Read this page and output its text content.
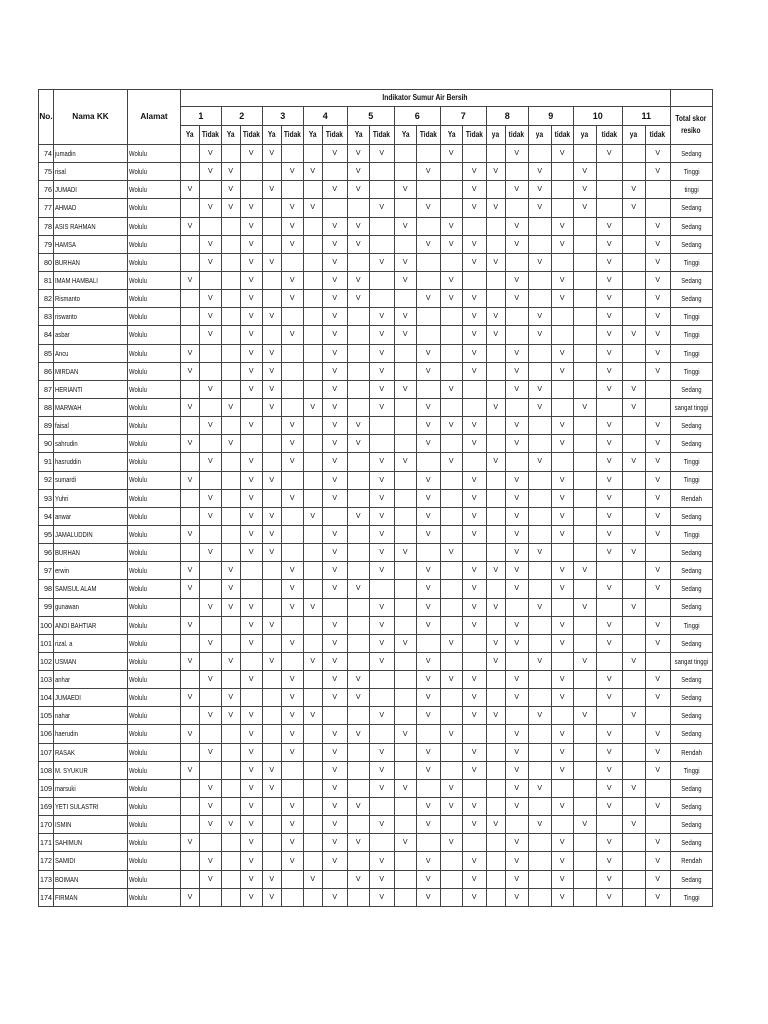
No.	Nama KK	Alamat	Indikator Sumur Air Bersih																						
			1		2		3		4		5		6		7		8		9		10		11		Total skor
resiko
			Ya	Tidak	Ya	Tidak	Ya	Tidak	Ya	Tidak	Ya	Tidak	Ya	Tidak	Ya	Tidak	ya	tidak	ya	tidak	ya	tidak	ya	tidak	
74	jumadin	Wolulu		V		V	V			V	V	V			V			V		V		V		V	Sedang
75	risal	Wolulu		V	V			V	V		V			V		V	V		V		V			V	Tinggi
76	JUMADI	Wolulu	V		V		V			V	V		V			V		V	V		V		V		tinggi
77	AHMAD	Wolulu		V	V	V		V	V			V		V		V	V		V		V		V		Sedang
78	ASIS RAHMAN	Wolulu	V			V		V		V	V		V		V			V		V		V		V	Sedang
79	HAMSA	Wolulu		V		V		V		V	V			V	V	V		V		V		V		V	Sedang
80	BURHAN	Wolulu		V		V	V			V		V	V			V	V		V			V		V	Tinggi
81	IMAM HAMBALI	Wolulu	V			V		V		V	V		V		V			V		V		V		V	Sedang
82	Rismanto	Wolulu		V		V		V		V	V			V	V	V		V		V		V		V	Sedang
83	riswanto	Wolulu		V		V	V			V		V	V			V	V		V			V		V	Tinggi
84	asbar	Wolulu		V		V		V		V		V	V			V	V		V			V	V	V	Tinggi
85	Ancu	Wolulu	V			V	V			V		V		V		V		V		V		V		V	Tinggi
86	MIRDAN	Wolulu	V			V	V			V		V		V		V		V		V		V		V	Tinggi
87	HERIANTI	Wolulu		V		V	V			V		V	V		V			V	V			V	V		Sedang
88	MARWAH	Wolulu	V		V		V		V	V		V		V			V		V		V		V		sangat tinggi
89	faisal	Wolulu		V		V		V		V	V			V	V	V		V		V		V		V	Sedang
90	sahrudin	Wolulu	V		V			V		V	V			V		V		V		V		V		V	Sedang
91	hasruddin	Wolulu		V		V		V		V		V	V		V		V		V			V	V	V	Tinggi
92	sumardi	Wolulu	V			V	V			V		V		V		V		V		V		V		V	Tinggi
93	Yuhri	Wolulu		V		V		V		V		V		V		V		V		V		V		V	Rendah
94	anwar	Wolulu		V		V	V		V		V	V		V		V		V		V		V		V	Sedang
95	JAMALUDDIN	Wolulu	V			V	V			V		V		V		V		V		V		V		V	Tinggi
96	BURHAN	Wolulu		V		V	V			V		V	V		V			V	V			V	V		Sedang
97	erwin	Wolulu	V		V			V		V		V		V		V	V	V		V	V			V	Sedang
98	SAMSUL ALAM	Wolulu	V		V			V		V	V			V		V		V		V		V		V	Sedang
99	gunawan	Wolulu		V	V	V		V	V			V		V		V	V		V		V		V		Sedang
100	ANDI BAHTIAR	Wolulu	V			V	V			V		V		V		V		V		V		V		V	Tinggi
101	rizal. a	Wolulu		V		V		V		V		V	V		V		V	V		V		V		V	Sedang
102	USMAN	Wolulu	V		V		V		V	V		V		V			V		V		V		V		sangat tinggi
103	anhar	Wolulu		V		V		V		V	V			V	V	V		V		V		V		V	Sedang
104	JUMAEDI	Wolulu	V		V			V		V	V			V		V		V		V		V		V	Sedang
105	nahar	Wolulu		V	V	V		V	V			V		V		V	V		V		V		V		Sedang
106	haerudin	Wolulu	V			V		V		V	V		V		V			V		V		V		V	Sedang
107	RASAK	Wolulu		V		V		V		V		V		V		V		V		V		V		V	Rendah
108	M. SYUKUR	Wolulu	V			V	V			V		V		V		V		V		V		V		V	Tinggi
109	marsuki	Wolulu		V		V	V			V		V	V		V			V	V			V	V		Sedang
169	YETI SULASTRI	Wolulu		V		V		V		V	V			V	V	V		V		V		V		V	Sedang
170	ISMIN	Wolulu		V	V	V		V		V		V		V		V	V		V		V		V		Sedang
171	SAHIMUN	Wolulu	V			V		V		V	V		V		V			V		V		V		V	Sedang
172	SAMIDI	Wolulu		V		V		V		V		V		V		V		V		V		V		V	Rendah
173	BOIMAN	Wolulu		V		V	V		V		V	V		V		V		V		V		V		V	Sedang
174	FIRMAN	Wolulu	V			V	V			V		V		V		V		V		V		V		V	Tinggi
